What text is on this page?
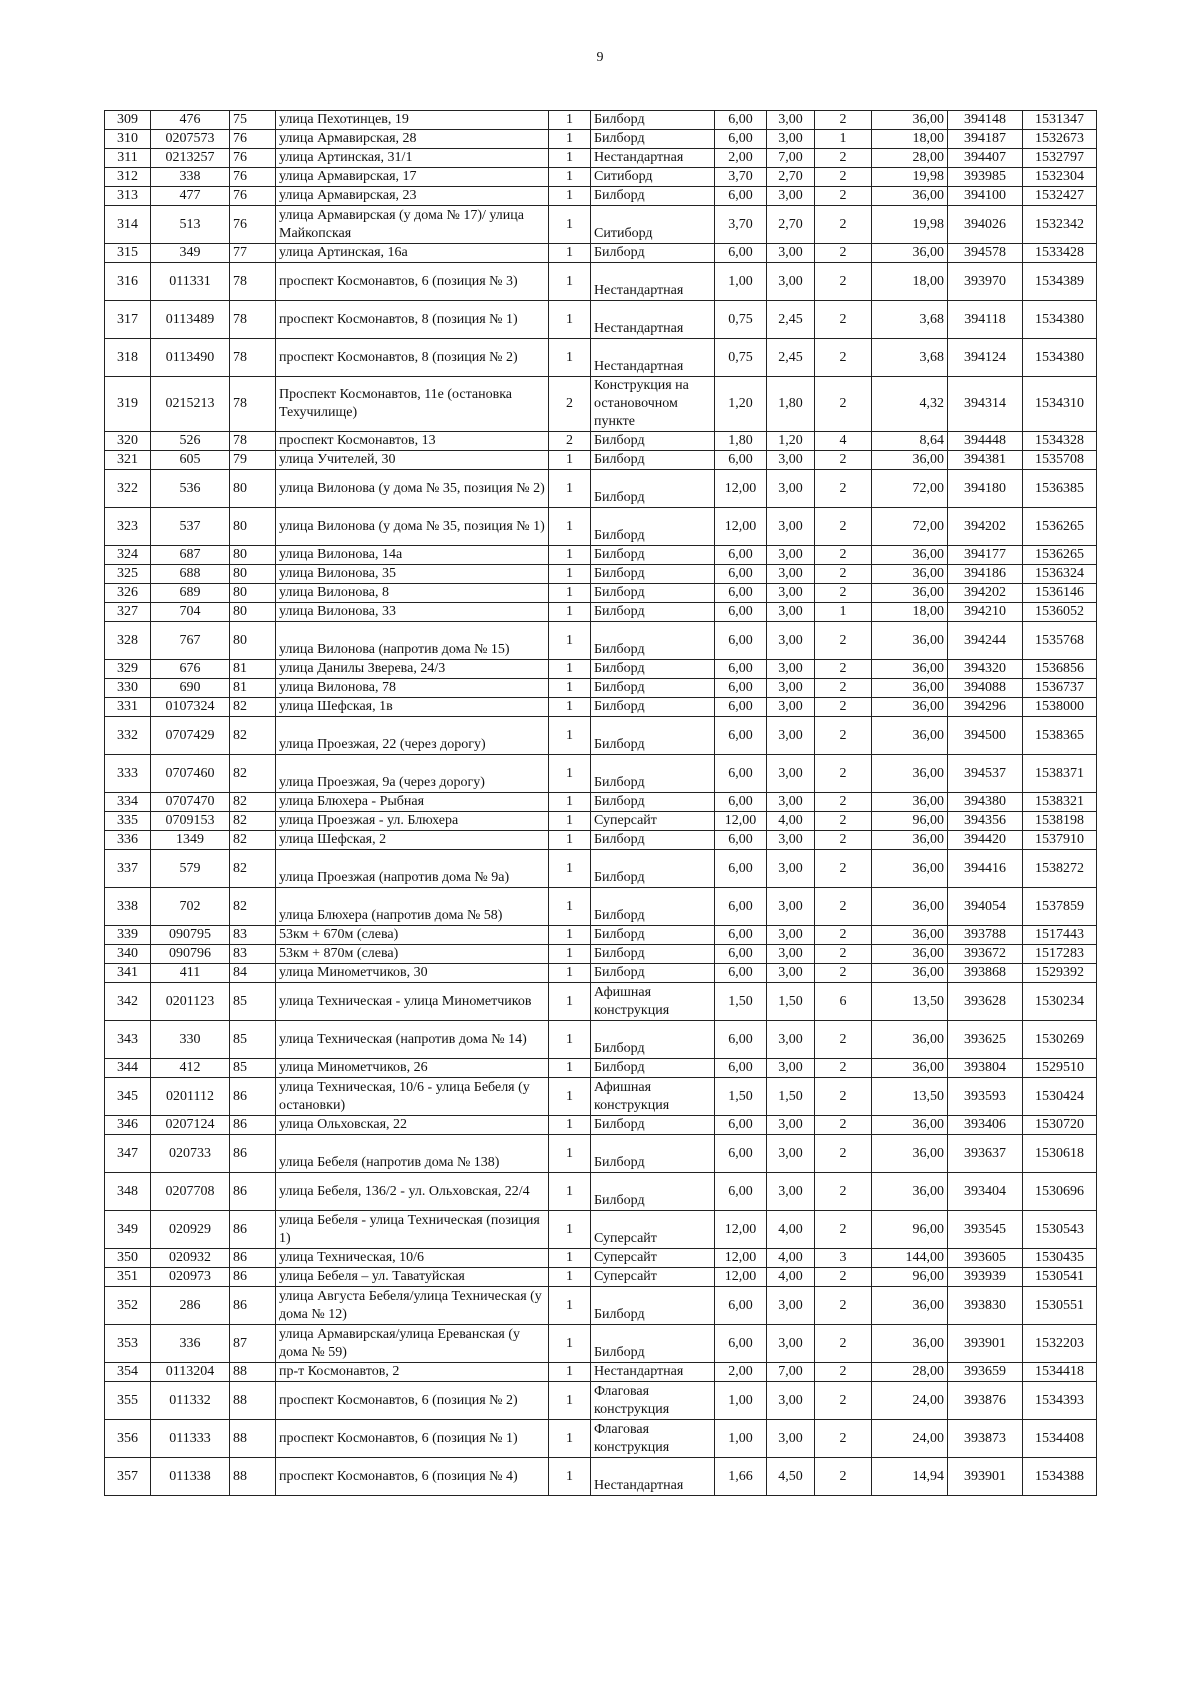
9
309	476	75	улица Пехотинцев, 19	1	Билборд	6,00	3,00	2	36,00	394148	1531347
310	0207573	76	улица Армавирская, 28	1	Билборд	6,00	3,00	1	18,00	394187	1532673
311	0213257	76	улица Артинская, 31/1	1	Нестандартная	2,00	7,00	2	28,00	394407	1532797
312	338	76	улица Армавирская, 17	1	Ситиборд	3,70	2,70	2	19,98	393985	1532304
313	477	76	улица Армавирская, 23	1	Билборд	6,00	3,00	2	36,00	394100	1532427
314	513	76	улица Армавирская (у дома № 17)/ улица Майкопская	1	Ситиборд	3,70	2,70	2	19,98	394026	1532342
315	349	77	улица Артинская, 16а	1	Билборд	6,00	3,00	2	36,00	394578	1533428
316	011331	78	проспект Космонавтов, 6 (позиция № 3)	1	Нестандартная	1,00	3,00	2	18,00	393970	1534389
317	0113489	78	проспект Космонавтов, 8 (позиция № 1)	1	Нестандартная	0,75	2,45	2	3,68	394118	1534380
318	0113490	78	проспект Космонавтов, 8 (позиция № 2)	1	Нестандартная	0,75	2,45	2	3,68	394124	1534380
319	0215213	78	Проспект Космонавтов, 11е (остановка Техучилище)	2	Конструкция на остановочном пункте	1,20	1,80	2	4,32	394314	1534310
320	526	78	проспект Космонавтов, 13	2	Билборд	1,80	1,20	4	8,64	394448	1534328
321	605	79	улица Учителей, 30	1	Билборд	6,00	3,00	2	36,00	394381	1535708
322	536	80	улица Вилонова (у дома № 35, позиция № 2)	1	Билборд	12,00	3,00	2	72,00	394180	1536385
323	537	80	улица Вилонова (у дома № 35, позиция № 1)	1	Билборд	12,00	3,00	2	72,00	394202	1536265
324	687	80	улица Вилонова, 14а	1	Билборд	6,00	3,00	2	36,00	394177	1536265
325	688	80	улица Вилонова, 35	1	Билборд	6,00	3,00	2	36,00	394186	1536324
326	689	80	улица Вилонова, 8	1	Билборд	6,00	3,00	2	36,00	394202	1536146
327	704	80	улица Вилонова, 33	1	Билборд	6,00	3,00	1	18,00	394210	1536052
328	767	80	улица Вилонова (напротив дома № 15)	1	Билборд	6,00	3,00	2	36,00	394244	1535768
329	676	81	улица Данилы Зверева, 24/3	1	Билборд	6,00	3,00	2	36,00	394320	1536856
330	690	81	улица Вилонова, 78	1	Билборд	6,00	3,00	2	36,00	394088	1536737
331	0107324	82	улица Шефская, 1в	1	Билборд	6,00	3,00	2	36,00	394296	1538000
332	0707429	82	улица Проезжая, 22 (через дорогу)	1	Билборд	6,00	3,00	2	36,00	394500	1538365
333	0707460	82	улица Проезжая, 9а (через дорогу)	1	Билборд	6,00	3,00	2	36,00	394537	1538371
334	0707470	82	улица Блюхера - Рыбная	1	Билборд	6,00	3,00	2	36,00	394380	1538321
335	0709153	82	улица Проезжая - ул. Блюхера	1	Суперсайт	12,00	4,00	2	96,00	394356	1538198
336	1349	82	улица Шефская, 2	1	Билборд	6,00	3,00	2	36,00	394420	1537910
337	579	82	улица Проезжая (напротив дома № 9а)	1	Билборд	6,00	3,00	2	36,00	394416	1538272
338	702	82	улица Блюхера (напротив дома № 58)	1	Билборд	6,00	3,00	2	36,00	394054	1537859
339	090795	83	53км + 670м (слева)	1	Билборд	6,00	3,00	2	36,00	393788	1517443
340	090796	83	53км + 870м (слева)	1	Билборд	6,00	3,00	2	36,00	393672	1517283
341	411	84	улица Минометчиков, 30	1	Билборд	6,00	3,00	2	36,00	393868	1529392
342	0201123	85	улица Техническая - улица Минометчиков	1	Афишная конструкция	1,50	1,50	6	13,50	393628	1530234
343	330	85	улица Техническая (напротив дома № 14)	1	Билборд	6,00	3,00	2	36,00	393625	1530269
344	412	85	улица Минометчиков, 26	1	Билборд	6,00	3,00	2	36,00	393804	1529510
345	0201112	86	улица Техническая, 10/6 - улица Бебеля (у остановки)	1	Афишная конструкция	1,50	1,50	2	13,50	393593	1530424
346	0207124	86	улица Ольховская, 22	1	Билборд	6,00	3,00	2	36,00	393406	1530720
347	020733	86	улица Бебеля (напротив дома № 138)	1	Билборд	6,00	3,00	2	36,00	393637	1530618
348	0207708	86	улица Бебеля, 136/2 - ул. Ольховская, 22/4	1	Билборд	6,00	3,00	2	36,00	393404	1530696
349	020929	86	улица Бебеля - улица Техническая (позиция 1)	1	Суперсайт	12,00	4,00	2	96,00	393545	1530543
350	020932	86	улица Техническая, 10/6	1	Суперсайт	12,00	4,00	3	144,00	393605	1530435
351	020973	86	улица Бебеля – ул. Таватуйская	1	Суперсайт	12,00	4,00	2	96,00	393939	1530541
352	286	86	улица Августа Бебеля/улица Техническая (у дома № 12)	1	Билборд	6,00	3,00	2	36,00	393830	1530551
353	336	87	улица Армавирская/улица Ереванская (у дома № 59)	1	Билборд	6,00	3,00	2	36,00	393901	1532203
354	0113204	88	пр-т Космонавтов, 2	1	Нестандартная	2,00	7,00	2	28,00	393659	1534418
355	011332	88	проспект Космонавтов, 6 (позиция № 2)	1	Флаговая конструкция	1,00	3,00	2	24,00	393876	1534393
356	011333	88	проспект Космонавтов, 6 (позиция № 1)	1	Флаговая конструкция	1,00	3,00	2	24,00	393873	1534408
357	011338	88	проспект Космонавтов, 6 (позиция № 4)	1	Нестандартная	1,66	4,50	2	14,94	393901	1534388
